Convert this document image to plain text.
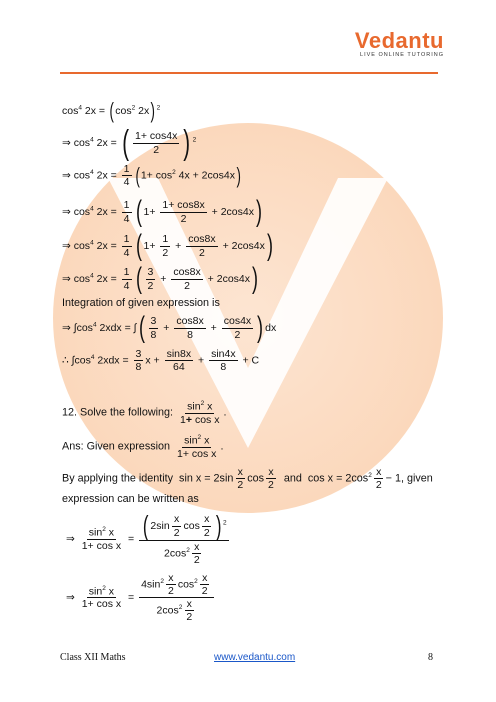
Vedantu
LIVE ONLINE TUTORING
$\cos^4 2x = (\cos^2$ 2x)$^2$
⇒ $\cos^4 2x$ = ( $\frac{1+ \cos 4x}{2}$ ) $^2$
⇒ $\cos^4 2x = \frac{1}{4} (1+ \cos^2 4x + 2\cos 4x)$
⇒ $\cos^4 2x = \frac{1}{4}$ ( $1+ \frac{1+ \cos 8x}{2} + 2\cos 4x$)
⇒ $\cos^4 2x = \frac{1}{4}$ ( $1+ \frac{1}{2} + \frac{\cos 8x}{2} + 2\cos 4x$)
⇒ $\cos^4 2x = \frac{1}{4}$ ( $\frac{3}{2} + \frac{\cos 8x}{2} + 2\cos 4x$)
Integration of given expression is
⇒ $\int\cos^4$ 2xdx = ∫( $\frac{3}{8} + \frac{\cos 8x}{8} + \frac{\cos 4x}{2}$ ) dx
∴ $\int\cos^4$ $2xdx = \frac{3}{8}$ $x + \frac{\sin 8x}{64} + \frac{\sin 4x}{8} + C$
12. Solve the following: $\frac{\sin^2 x}{\text{1+ cos x}}$ .
Ans: Given expression $\frac{\sin^2 x}{\text{1+ cos x}}$ .
By applying the identity  $\sin x = 2\sin \frac{x}{2}$ $\cos \frac{x}{2}$ and  $\cos x = 2\cos^2 \frac{x}{2} - 1$, given
expression can be written as
⇒ $\frac{\sin^2 x}{\text{1+ cos x}} = \frac{( 2\sin \frac{x}{2} \cos \frac{x}{2} ) ^2}{2\cos^2 \frac{x}{2}}$
⇒ $\frac{\sin^2 x}{\text{1+ cos x}} = \frac{4\sin^2 \frac{x}{2} \cos^2 \frac{x}{2}}{2\cos^2 \frac{x}{2}}$
Class XII Maths	www.vedantu.com	8
